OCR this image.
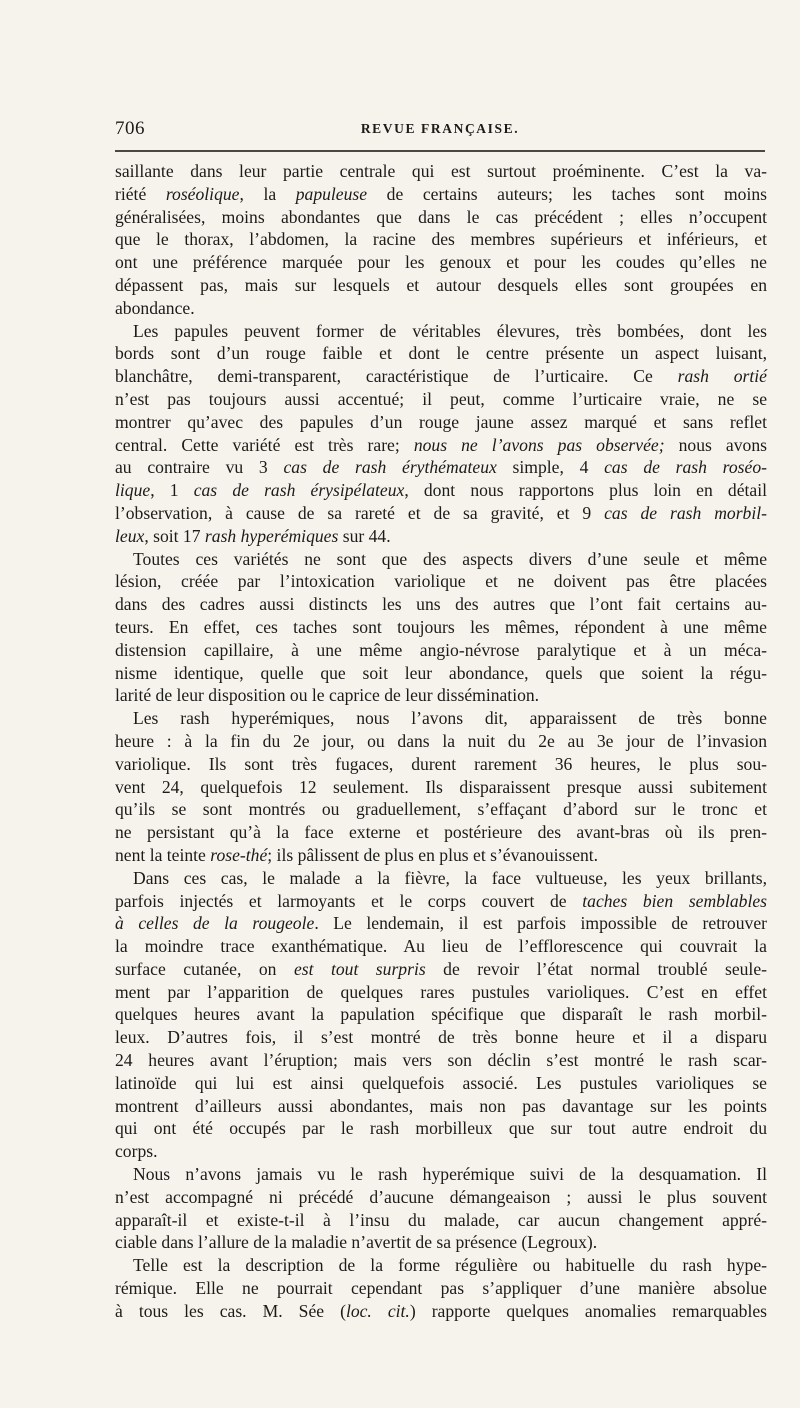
706	REVUE FRANÇAISE.
saillante dans leur partie centrale qui est surtout proéminente. C’est la va-
riété roséolique, la papuleuse de certains auteurs; les taches sont moins
généralisées, moins abondantes que dans le cas précédent ; elles n’occupent
que le thorax, l’abdomen, la racine des membres supérieurs et inférieurs, et
ont une préférence marquée pour les genoux et pour les coudes qu’elles ne
dépassent pas, mais sur lesquels et autour desquels elles sont groupées en
abondance.
Les papules peuvent former de véritables élevures, très bombées, dont les
bords sont d’un rouge faible et dont le centre présente un aspect luisant,
blanchâtre, demi-transparent, caractéristique de l’urticaire. Ce rash ortié
n’est pas toujours aussi accentué; il peut, comme l’urticaire vraie, ne se
montrer qu’avec des papules d’un rouge jaune assez marqué et sans reflet
central. Cette variété est très rare; nous ne l’avons pas observée; nous avons
au contraire vu 3 cas de rash érythémateux simple, 4 cas de rash roséo-
lique, 1 cas de rash érysipélateux, dont nous rapportons plus loin en détail
l’observation, à cause de sa rareté et de sa gravité, et 9 cas de rash morbil-
leux, soit 17 rash hyperémiques sur 44.
Toutes ces variétés ne sont que des aspects divers d’une seule et même
lésion, créée par l’intoxication variolique et ne doivent pas être placées
dans des cadres aussi distincts les uns des autres que l’ont fait certains au-
teurs. En effet, ces taches sont toujours les mêmes, répondent à une même
distension capillaire, à une même angio-névrose paralytique et à un méca-
nisme identique, quelle que soit leur abondance, quels que soient la régu-
larité de leur disposition ou le caprice de leur dissémination.
Les rash hyperémiques, nous l’avons dit, apparaissent de très bonne
heure : à la fin du 2e jour, ou dans la nuit du 2e au 3e jour de l’invasion
variolique. Ils sont très fugaces, durent rarement 36 heures, le plus sou-
vent 24, quelquefois 12 seulement. Ils disparaissent presque aussi subitement
qu’ils se sont montrés ou graduellement, s’effaçant d’abord sur le tronc et
ne persistant qu’à la face externe et postérieure des avant-bras où ils pren-
nent la teinte rose-thé; ils pâlissent de plus en plus et s’évanouissent.
Dans ces cas, le malade a la fièvre, la face vultueuse, les yeux brillants,
parfois injectés et larmoyants et le corps couvert de taches bien semblables
à celles de la rougeole. Le lendemain, il est parfois impossible de retrouver
la moindre trace exanthématique. Au lieu de l’efflorescence qui couvrait la
surface cutanée, on est tout surpris de revoir l’état normal troublé seule-
ment par l’apparition de quelques rares pustules varioliques. C’est en effet
quelques heures avant la papulation spécifique que disparaît le rash morbil-
leux. D’autres fois, il s’est montré de très bonne heure et il a disparu
24 heures avant l’éruption; mais vers son déclin s’est montré le rash scar-
latinoïde qui lui est ainsi quelquefois associé. Les pustules varioliques se
montrent d’ailleurs aussi abondantes, mais non pas davantage sur les points
qui ont été occupés par le rash morbilleux que sur tout autre endroit du
corps.
Nous n’avons jamais vu le rash hyperémique suivi de la desquamation. Il
n’est accompagné ni précédé d’aucune démangeaison ; aussi le plus souvent
apparaît-il et existe-t-il à l’insu du malade, car aucun changement appré-
ciable dans l’allure de la maladie n’avertit de sa présence (Legroux).
Telle est la description de la forme régulière ou habituelle du rash hype-
rémique. Elle ne pourrait cependant pas s’appliquer d’une manière absolue
à tous les cas. M. Sée (loc. cit.) rapporte quelques anomalies remarquables
